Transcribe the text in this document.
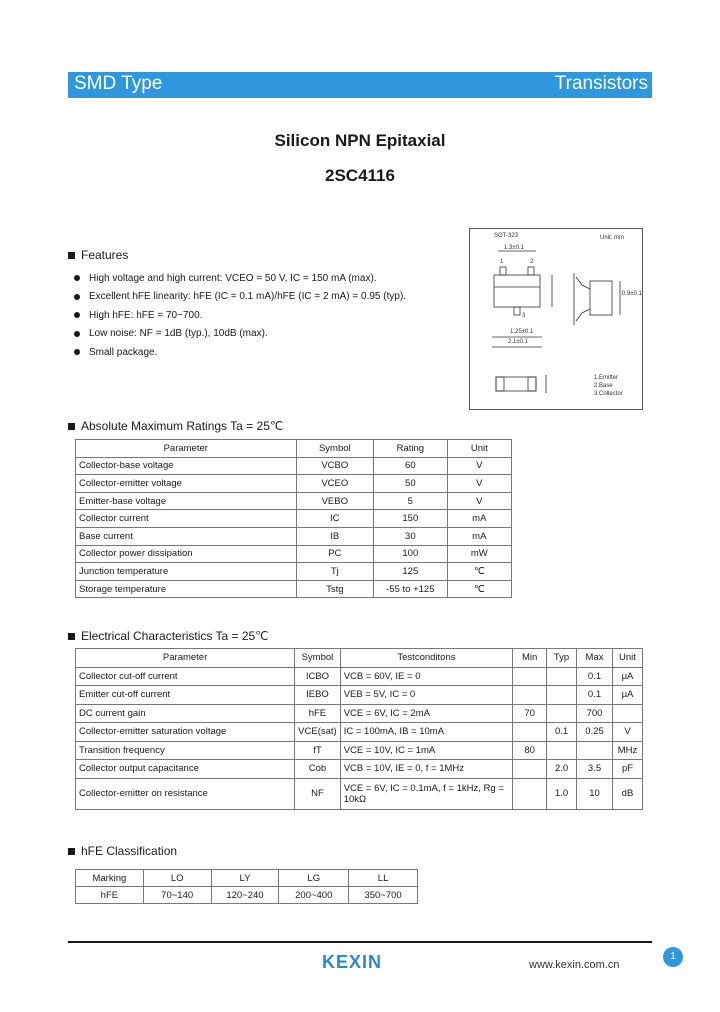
SMD Type	Transistors
Silicon NPN Epitaxial
2SC4116
Features
High voltage and high current: VCEO = 50 V, IC = 150 mA (max).
Excellent hFE linearity: hFE (IC = 0.1 mA)/hFE (IC = 2 mA) = 0.95 (typ).
High hFE: hFE = 70~700.
Low noise: NF = 1dB (typ.), 10dB (max).
Small package.
SOT-323	Unit: mm
1.3±0.1
2.1±0.1
1.25±0.1
0.9±0.1
1	2
3
1.Emitter
2.Base
3.Collector
Absolute Maximum Ratings Ta = 25℃
Parameter	Symbol	Rating	Unit
Collector-base voltage	VCBO	60	V
Collector-emitter voltage	VCEO	50	V
Emitter-base voltage	VEBO	5	V
Collector current	IC	150	mA
Base current	IB	30	mA
Collector power dissipation	PC	100	mW
Junction temperature	Tj	125	℃
Storage temperature	Tstg	-55 to +125	℃
Electrical Characteristics Ta = 25℃
Parameter	Symbol	Testconditons	Min	Typ	Max	Unit
Collector cut-off current	ICBO	VCB = 60V, IE = 0			0.1	μA
Emitter cut-off current	IEBO	VEB = 5V, IC = 0			0.1	μA
DC current gain	hFE	VCE = 6V, IC = 2mA	70		700	
Collector-emitter saturation voltage	VCE(sat)	IC = 100mA, IB = 10mA		0.1	0.25	V
Transition frequency	fT	VCE = 10V, IC = 1mA	80			MHz
Collector output capacitance	Cob	VCB = 10V, IE = 0, f = 1MHz		2.0	3.5	pF
Collector-emitter on resistance	NF	VCE = 6V, IC = 0.1mA, f = 1kHz, Rg = 10kΩ		1.0	10	dB
hFE Classification
Marking	LO	LY	LG	LL
hFE	70~140	120~240	200~400	350~700
KEXIN	www.kexin.com.cn
1
